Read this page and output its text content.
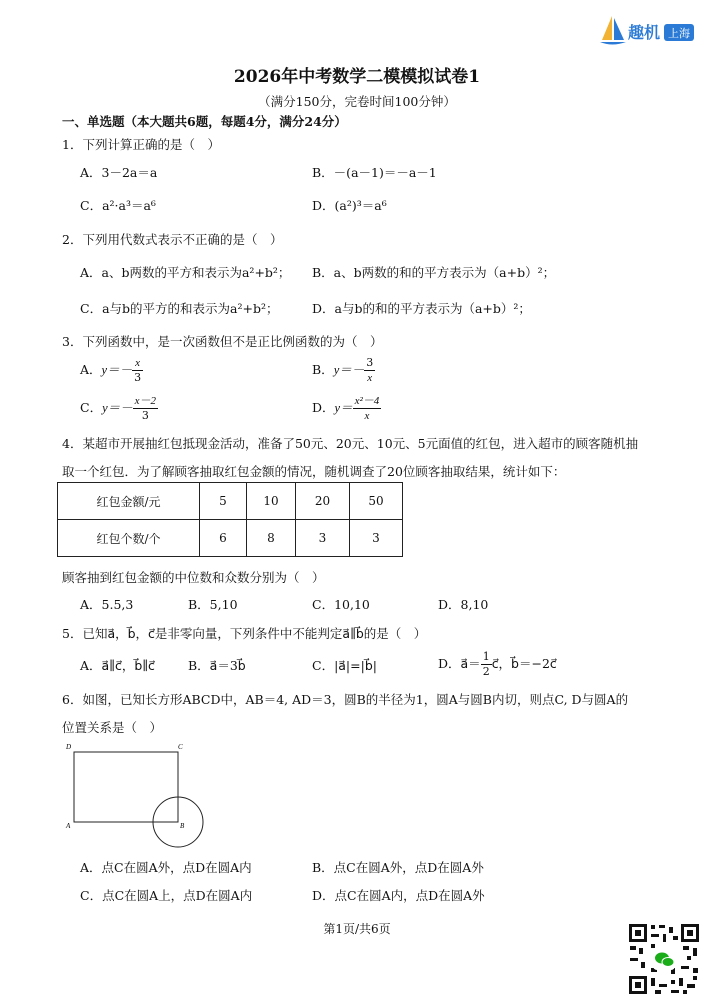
趣机 上海
2026年中考数学二模模拟试卷1
（满分150分，完卷时间100分钟）
一、单选题（本大题共6题，每题4分，满分24分）
1．下列计算正确的是（　）
A．3－2a＝a	B．－(a－1)＝－a－1
C．a²·a³＝a⁶	D．(a²)³＝a⁶
2．下列用代数式表示不正确的是（　）
A．a、b两数的平方和表示为a²+b²； B．a、b两数的和的平方表示为（a+b）²；
C．a与b的平方的和表示为a²+b²；	D．a与b的和的平方表示为（a+b）²；
3．下列函数中，是一次函数但不是正比例函数的为（　）
A．$y=- \frac{x}{3}$	B．$y=- \frac{3}{x}$
C．$y=- \frac{x-2}{3}$	D．$y= \frac{\text{x²－4}}{x}$
4．某超市开展抽红包抵现金活动，准备了50元、20元、10元、5元面值的红包，进入超市的顾客随机抽
取一个红包．为了解顾客抽取红包金额的情况，随机调查了20位顾客抽取结果，统计如下：
红包金额/元	5	10	20	50
红包个数/个	6	8	3	3
顾客抽到红包金额的中位数和众数分别为（　）
A．5.5,3	B．5,10	C．10,10	D．8,10
5．已知a⃗，b⃗，c⃗是非零向量，下列条件中不能判定a⃗∥b⃗的是（　）
A．a⃗∥c⃗，b⃗∥c⃗	B．a⃗＝3b⃗	C．|a⃗|=|b⃗|	D．a⃗＝ $\frac{1}{2}$ c⃗，b⃗＝−2c⃗
6．如图，已知长方形ABCD中，AB＝4, AD＝3，圆B的半径为1，圆A与圆B内切，则点C, D与圆A的
位置关系是（　）
D	C
A	B
A．点C在圆A外，点D在圆A内	B．点C在圆A外，点D在圆A外
C．点C在圆A上，点D在圆A内	D．点C在圆A内，点D在圆A外
第1页/共6页
